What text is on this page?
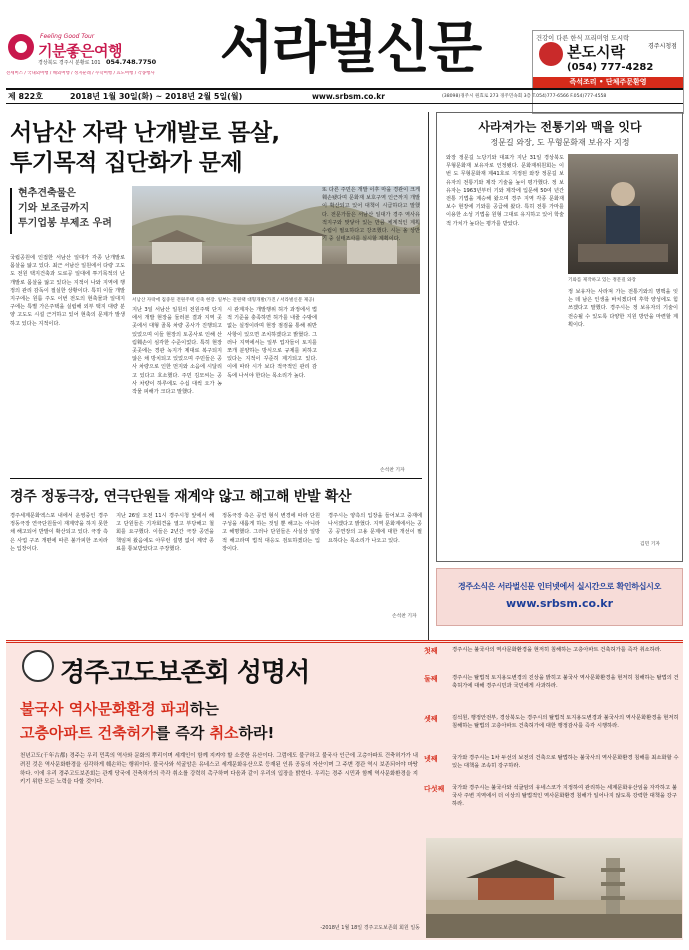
Feeling Good Tour
기분좋은여행
경상북도 경주시 분황로 101 054.748.7750
전세버스 / 국내외여행 / 해외여행 / 성지순례 / 수학여행 / 효도여행 / 각종행사	서라벌신문	건강이 다른 한식 프리미엄 도시락
본도시락	경주시청점
(054) 777-4282
즉석조리 • 단체주문환영
제 822호	2018년 1월 30일(화) ~ 2018년 2월 5일(월)	www.srbsm.co.kr	(38098)경주시 원효로 273 경주민속회 3층 T.054)777-6566 F.054)777-4558
서남산 자락 난개발로 몸살,
투기목적 집단화가 문제
현추견축물은
기와 보조금까지
투기업봉 부제조 우려
국립공원에 인접한 서남산 일대가 각종 난개발로 몸살을 앓고 있다. 최근 서남산 일원에서 다량 고도도 전원 택지건축과 도로공 일대에 투기목적의 난개발로 몸살을 앓고 있다는 지적이 나와 지역에 행정의 관리 감독이 절실한 상황이다. 특히 이들 개발지구에는 원룸 주도 이번 전도의 현축물과 일대지구에는 특별 가은주택을 실립해 외부 택지 대량 분양 고도도 시설 근거하고 있어 현축의 문제가 발생하고 있다는 지적이다.
서남산 자락에 집중된 전원주택 신축 현장. 일부는 전원택 대형개발(가진 / 서라벌신문 제공)
지난 3일 서남산 일원의 전원주택 단지에서 개발 현장을 둘러본 결과 지역 곳곳에서 대형 골목 차량 공사가 진행되고 있었으며 이들 현장의 토공사로 인해 산림훼손이 심각한 수준이었다. 특히 현장 곳곳에는 경관 녹지가 제대로 복구되지 않은 채 방치되고 있었으며 주민들은 공사 차량으로 인한 먼지와 소음에 시달리고 있다고 호소했다. 주민 김모씨는 공사 차량이 하루에도 수십 대씩 오가 농작물 피해가 크다고 말했다.
시 관계자는 개발행위 허가 과정에서 법적 기준을 충족하면 허가를 내줄 수밖에 없는 실정이라며 현장 점검을 통해 위반 사항이 있으면 조치하겠다고 밝혔다. 그러나 지역에서는 일부 업자들이 토지를 쪼개 분양하는 방식으로 규제를 피하고 있다는 지적이 꾸준히 제기되고 있다. 이에 따라 시가 보다 적극적인 관리 감독에 나서야 한다는 목소리가 높다.
또 다른 주민은 개발 이후 마을 경관이 크게 훼손됐다며 문화재 보호구역 인근까지 개발이 확산되고 있어 대책이 시급하다고 말했다. 전문가들은 서남산 일대가 경주 역사유적지구와 맞닿아 있는 만큼 체계적인 계획 수립이 필요하다고 강조했다. 시는 올 상반기 중 실태조사를 실시할 계획이다.
손석찬 기자
사라져가는 전통기와 맥을 잇다
정문길 와장, 도 무형문화재 보유자 지정
와장 정문길 노당기와 대표가 지난 31일 경상북도 무형문화재 보유자로 인정됐다. 문화재위원회는 이번 도 무형문화재 제41호로 지정된 와장 정문길 보유자의 전통기와 제작 기술을 높이 평가했다. 정 보유자는 1963년부터 기와 제작에 입문해 50여 년간 전통 기법을 계승해 왔으며 경주 지역 각종 문화재 보수 현장에 기와를 공급해 왔다. 특히 전통 가마를 이용한 소성 기법을 원형 그대로 유지하고 있어 학술적 가치가 높다는 평가를 받았다.
기와를 제작하고 있는 정문길 와장
정 보유자는 사라져 가는 전통기와의 명맥을 잇는 데 남은 인생을 바치겠다며 후학 양성에도 힘쓰겠다고 말했다. 경주시는 정 보유자의 기술이 전승될 수 있도록 다양한 지원 방안을 마련할 계획이다.
김민 기자
경주 정동극장, 연극단원들 재계약 않고 해고해 반발 확산
경주세계문화엑스포 내에서 운영중인 경주 정동극장 연극단원들이 재계약을 하지 못한 채 해고되어 반발이 확산되고 있다. 극장 측은 사업 구조 개편에 따른 불가피한 조치라는 입장이다.
지난 26일 오전 11시 경주시청 앞에서 해고 단원들은 기자회견을 열고 부당해고 철회를 요구했다. 이들은 2년간 극장 공연을 책임져 왔음에도 아무런 설명 없이 계약 종료를 통보받았다고 주장했다.
정동극장 측은 공연 형식 변경에 따라 단원 구성을 새롭게 하는 것일 뿐 해고는 아니라고 해명했다. 그러나 단원들은 사실상 일방적 해고라며 법적 대응도 검토하겠다는 입장이다.
경주시는 양측의 입장을 들어보고 중재에 나서겠다고 밝혔다. 지역 문화계에서는 공공 공연장의 고용 문제에 대한 개선이 필요하다는 목소리가 나오고 있다.
손석찬 기자
경주소식은 서라벌신문 인터넷에서 실시간으로 확인하십시오
www.srbsm.co.kr
경주고도보존회 성명서
불국사 역사문화환경 파괴하는
고층아파트 건축허가를 즉각 취소하라!
천년고도(千年古都) 경주는 우리 민족의 역사와 문화의 뿌리이며 세계인이 함께 지켜야 할 소중한 유산이다. 그럼에도 불구하고 불국사 인근에 고층아파트 건축허가가 내려진 것은 역사문화환경을 심각하게 훼손하는 행위이다. 불국사와 석굴암은 유네스코 세계문화유산으로 등재된 인류 공동의 자산이며 그 주변 경관 역시 보존되어야 마땅하다. 이에 우리 경주고도보존회는 관계 당국에 건축허가의 즉각 취소를 강력히 촉구하며 다음과 같이 우리의 입장을 밝힌다. 우리는 경주 시민과 함께 역사문화환경을 지키기 위한 모든 노력을 다할 것이다.
-2018년 1월 18일 경주고도보존회 회원 일동
첫째	경주시는 불국사의 역사문화환경을 현저히 침해하는 고층아파트 건축허가를 즉각 취소하라.
둘째	경주시는 탈법적 토지용도변경의 진상을 밝히고 불국사 역사문화환경을 현저히 침해하는 탈법의 건축허가에 대해 경주시민과 국민에게 사과하라.
셋째	김석원, 행정안전부, 경상북도는 경주시의 탈법적 토지용도변경과 불국사의 역사문화환경을 현저히 침해하는 탈법의 고층아파트 건축허가에 대한 행정감사를 즉각 시행하라.
넷째	국가와 경주시는 1차 두선의 보전의 건축으로 탈법하는 불국사의 역사문화환경 침해를 최소화할 수 있는 대책을 조속히 강구하라.
다섯째 국가와 경주시는 불국사와 석굴암의 유네스코가 지정하여 관리하는 세계문화유산임을 자각하고 불국사 주변 지역에서 더 이상의 탈법적인 역사문화환경 침해가 일어나지 않도록 강력한 대책을 강구하라.
